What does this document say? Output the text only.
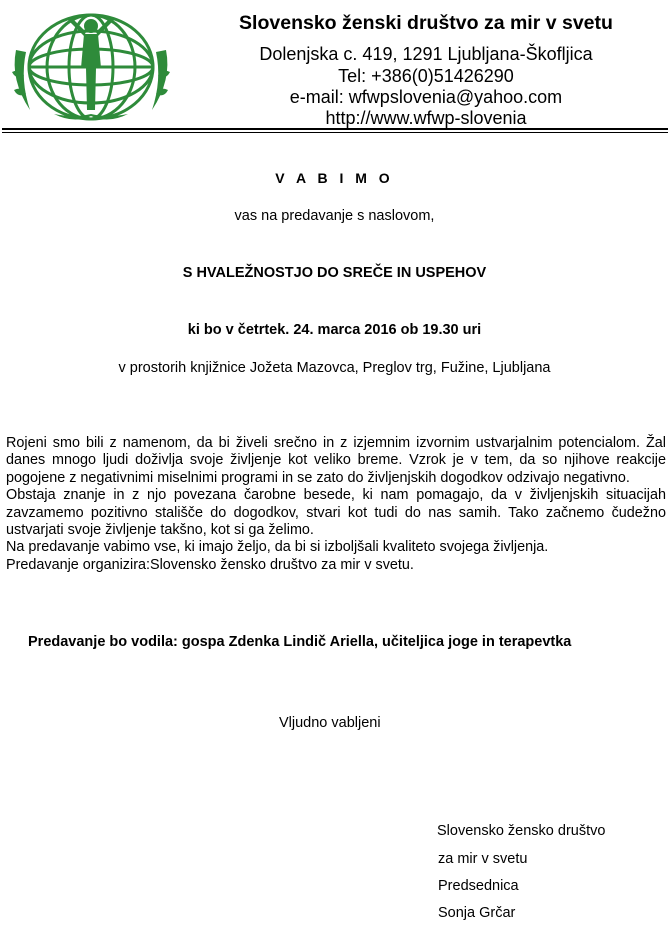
Slovensko ženski društvo za mir v svetu
Dolenjska c. 419, 1291 Ljubljana-Škofljica
Tel: +386(0)51426290
e-mail: wfwpslovenia@yahoo.com
http://www.wfwp-slovenia
V A B I M O
vas na predavanje s naslovom,
S HVALEŽNOSTJO DO SREČE IN USPEHOV
ki bo v četrtek. 24. marca 2016 ob 19.30 uri
v prostorih knjižnice Jožeta Mazovca, Preglov trg, Fužine, Ljubljana

Rojeni smo bili z namenom, da bi živeli srečno in z izjemnim izvornim ustvarjalnim potencialom. Žal danes mnogo ljudi doživlja svoje življenje kot veliko breme. Vzrok je v tem, da so njihove reakcije pogojene z negativnimi miselnimi programi in se zato do življenjskih dogodkov odzivajo negativno.

Obstaja znanje in z njo povezana čarobne besede, ki nam pomagajo, da v življenjskih situacijah zavzamemo pozitivno stališče do dogodkov, stvari kot tudi do nas samih. Tako začnemo čudežno ustvarjati svoje življenje takšno, kot si ga želimo.

Na predavanje vabimo vse, ki imajo željo, da bi si izboljšali kvaliteto svojega življenja.

Predavanje organizira:Slovensko žensko društvo za mir v svetu.

Predavanje bo vodila: gospa Zdenka Lindič Ariella, učiteljica joge in terapevtka
Vljudno vabljeni
Slovensko žensko društvo
za mir v svetu
Predsednica
Sonja Grčar
